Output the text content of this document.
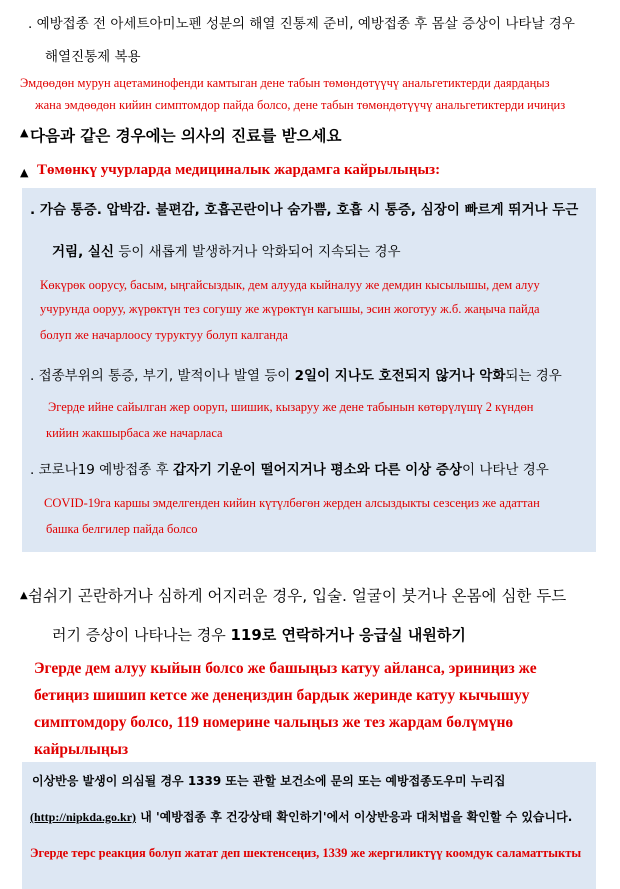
. 예방접종 전 아세트아미노펜 성분의 해열 진통제 준비, 예방접종 후 몸살 증상이 나타날 경우
해열진통제 복용
Эмдөөдөн мурун ацетаминофенди камтыган дене табын төмөндөтүүчү анальгетиктерди даярдаңыз
жана эмдөөдөн кийин симптомдор пайда болсо, дене табын төмөндөтүүчү анальгетиктерди ичиңиз
▲ 다음과 같은 경우에는 의사의 진료를 받으세요
▲ Төмөнкү учурларда медициналык жардамга кайрылыңыз:
. 가슴 통증. 압박감. 불편감, 호흡곤란이나 숨가쁨, 호흡 시 통증, 심장이 빠르게 뛰거나 두근
거림, 실신 등이 새롭게 발생하거나 악화되어 지속되는 경우
Көкүрөк оорусу, басым, ыңгайсыздык, дем алууда кыйналуу же демдин кысылышы, дем алуу
учурунда ооруу, жүрөктүн тез согушу же жүрөктүн кагышы, эсин жоготуу ж.б. жаңыча пайда
болуп же начарлоосу туруктуу болуп калганда
. 접종부위의 통증, 부기, 발적이나 발열 등이 2일이 지나도 호전되지 않거나 악화되는 경우
Эгерде ийне сайылган жер ооруп, шишик, кызаруу же дене табынын көтөрүлүшү 2 күндөн
кийин жакшырбаса же начарласа
. 코로나19 예방접종 후 갑자기 기운이 떨어지거나 평소와 다른 이상 증상이 나타난 경우
COVID-19га каршы эмделгенден кийин күтүлбөгөн жерден алсыздыкты сезсеңиз же адаттан
башка белгилер пайда болсо
▲ 쉼쉬기 곤란하거나 심하게 어지러운 경우, 입술. 얼굴이 붓거나 온몸에 심한 두드
러기 증상이 나타나는 경우 119로 연락하거나 응급실 내원하기
Эгерде дем алуу кыйын болсо же башыңыз катуу айланса, эриниңиз же
бетиңиз шишип кетсе же денеңиздин бардык жеринде катуу кычышуу
симптомдору болсо, 119 номерине чалыңыз же тез жардам бөлүмүнө
кайрылыңыз
이상반응 발생이 의심될 경우 1339 또는 관할 보건소에 문의 또는 예방접종도우미 누리집
(http://nipkda.go.kr) 내 '예방접종 후 건강상태 확인하기'에서 이상반응과 대처법을 확인할 수 있습니다.
Эгерде терс реакция болуп жатат деп шектенсеңиз, 1339 же жергиликтүү коомдук саламаттыкты
